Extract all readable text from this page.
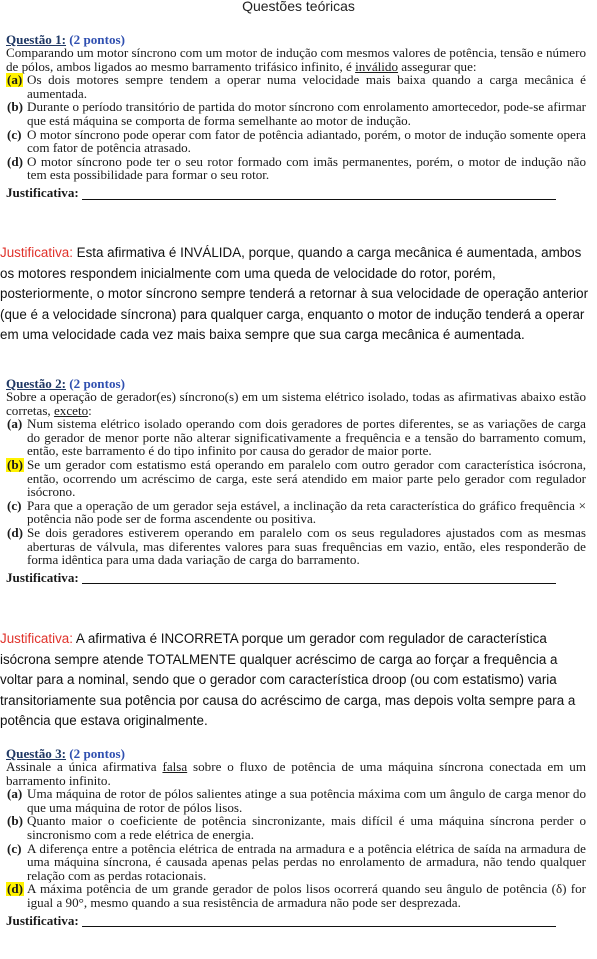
Questões teóricas
Questão 1: (2 pontos)
Comparando um motor síncrono com um motor de indução com mesmos valores de potência, tensão e número de pólos, ambos ligados ao mesmo barramento trifásico infinito, é inválido assegurar que:
(a) Os dois motores sempre tendem a operar numa velocidade mais baixa quando a carga mecânica é aumentada.
(b) Durante o período transitório de partida do motor síncrono com enrolamento amortecedor, pode-se afirmar que está máquina se comporta de forma semelhante ao motor de indução.
(c) O motor síncrono pode operar com fator de potência adiantado, porém, o motor de indução somente opera com fator de potência atrasado.
(d) O motor síncrono pode ter o seu rotor formado com imãs permanentes, porém, o motor de indução não tem esta possibilidade para formar o seu rotor.
Justificativa:
Justificativa: Esta afirmativa é INVÁLIDA, porque, quando a carga mecânica é aumentada, ambos os motores respondem inicialmente com uma queda de velocidade do rotor, porém, posteriormente, o motor síncrono sempre tenderá a retornar à sua velocidade de operação anterior (que é a velocidade síncrona) para qualquer carga, enquanto o motor de indução tenderá a operar em uma velocidade cada vez mais baixa sempre que sua carga mecânica é aumentada.
Questão 2: (2 pontos)
Sobre a operação de gerador(es) síncrono(s) em um sistema elétrico isolado, todas as afirmativas abaixo estão corretas, exceto:
(a) Num sistema elétrico isolado operando com dois geradores de portes diferentes, se as variações de carga do gerador de menor porte não alterar significativamente a frequência e a tensão do barramento comum, então, este barramento é do tipo infinito por causa do gerador de maior porte.
(b) Se um gerador com estatismo está operando em paralelo com outro gerador com característica isócrona, então, ocorrendo um acréscimo de carga, este será atendido em maior parte pelo gerador com regulador isócrono.
(c) Para que a operação de um gerador seja estável, a inclinação da reta característica do gráfico frequência × potência não pode ser de forma ascendente ou positiva.
(d) Se dois geradores estiverem operando em paralelo com os seus reguladores ajustados com as mesmas aberturas de válvula, mas diferentes valores para suas frequências em vazio, então, eles responderão de forma idêntica para uma dada variação de carga do barramento.
Justificativa:
Justificativa: A afirmativa é INCORRETA porque um gerador com regulador de característica isócrona sempre atende TOTALMENTE qualquer acréscimo de carga ao forçar a frequência a voltar para a nominal, sendo que o gerador com característica droop (ou com estatismo) varia transitoriamente sua potência por causa do acréscimo de carga, mas depois volta sempre para a potência que estava originalmente.
Questão 3: (2 pontos)
Assinale a única afirmativa falsa sobre o fluxo de potência de uma máquina síncrona conectada em um barramento infinito.
(a) Uma máquina de rotor de pólos salientes atinge a sua potência máxima com um ângulo de carga menor do que uma máquina de rotor de pólos lisos.
(b) Quanto maior o coeficiente de potência sincronizante, mais difícil é uma máquina síncrona perder o sincronismo com a rede elétrica de energia.
(c) A diferença entre a potência elétrica de entrada na armadura e a potência elétrica de saída na armadura de uma máquina síncrona, é causada apenas pelas perdas no enrolamento de armadura, não tendo qualquer relação com as perdas rotacionais.
(d) A máxima potência de um grande gerador de polos lisos ocorrerá quando seu ângulo de potência (δ) for igual a 90°, mesmo quando a sua resistência de armadura não pode ser desprezada.
Justificativa:
